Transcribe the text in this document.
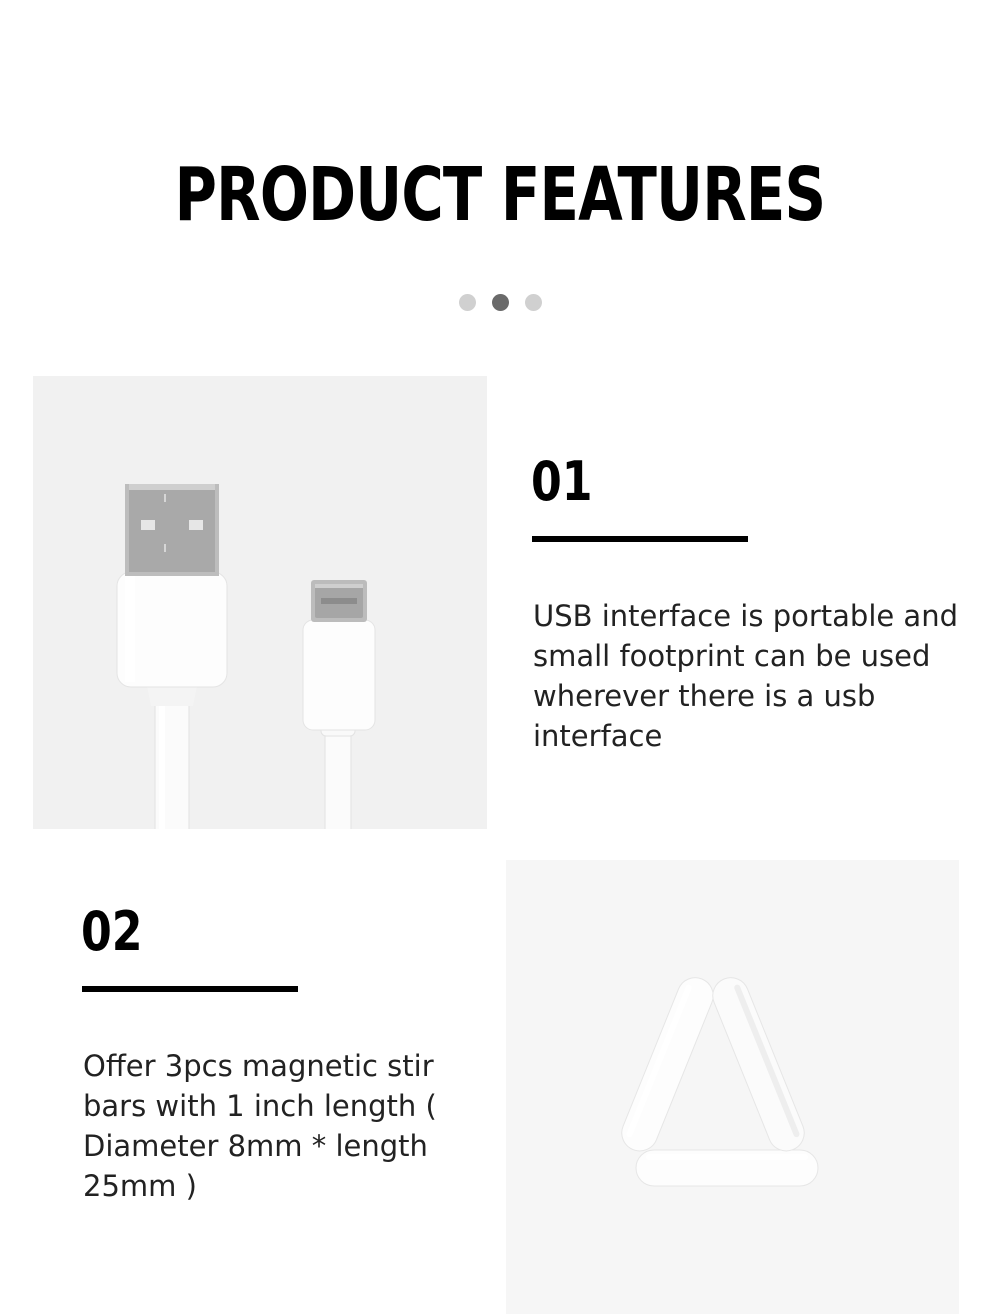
PRODUCT FEATURES
01

USB interface is portable and small footprint can be used wherever there is a usb interface

02

Offer 3pcs magnetic stir bars with 1 inch length ( Diameter 8mm * length 25mm )
